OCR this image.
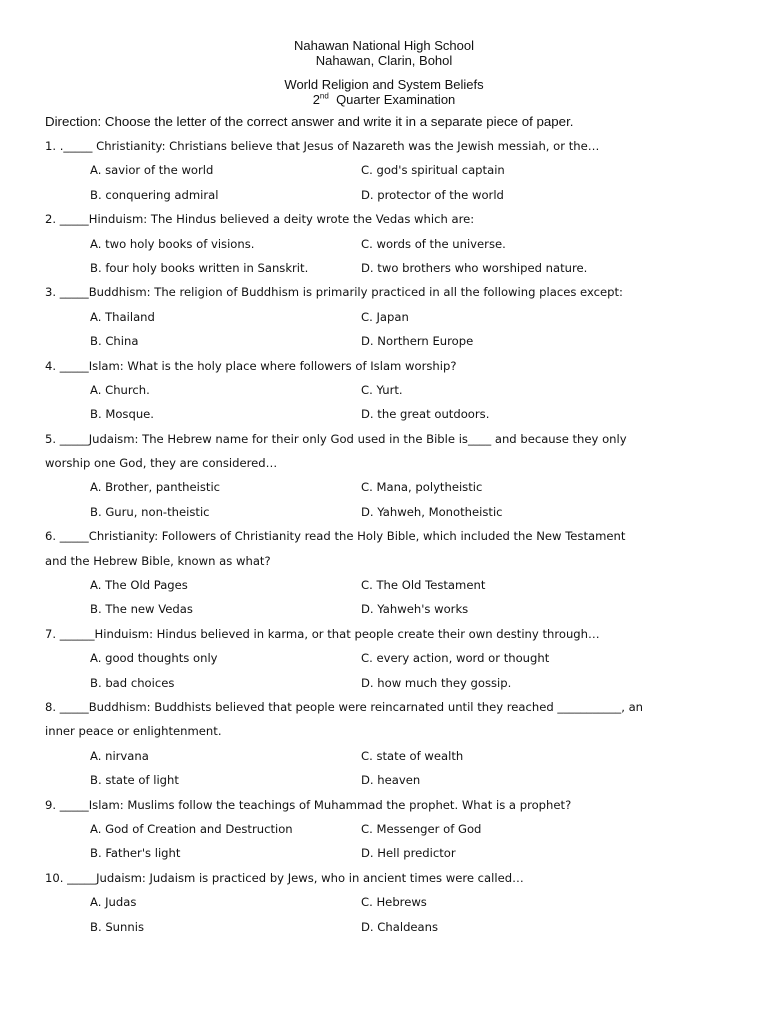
Nahawan National High School
Nahawan, Clarin, Bohol
World Religion and System Beliefs
2nd Quarter Examination
Direction: Choose the letter of the correct answer and write it in a separate piece of paper.
1. ._____ Christianity: Christians believe that Jesus of Nazareth was the Jewish messiah, or the…
A. savior of the world	C. god's spiritual captain
B. conquering admiral	D. protector of the world
2. _____Hinduism: The Hindus believed a deity wrote the Vedas which are:
A. two holy books of visions.	C. words of the universe.
B. four holy books written in Sanskrit.	D. two brothers who worshiped nature.
3. _____Buddhism: The religion of Buddhism is primarily practiced in all the following places except:
A. Thailand	C. Japan
B. China	D. Northern Europe
4. _____Islam: What is the holy place where followers of Islam worship?
A. Church.	C. Yurt.
B. Mosque.	D. the great outdoors.
5. _____Judaism: The Hebrew name for their only God used in the Bible is____ and because they only
worship one God, they are considered…
A. Brother, pantheistic	C. Mana, polytheistic
B. Guru, non-theistic	D. Yahweh, Monotheistic
6. _____Christianity: Followers of Christianity read the Holy Bible, which included the New Testament
and the Hebrew Bible, known as what?
A. The Old Pages	C. The Old Testament
B. The new Vedas	D. Yahweh's works
7. ______Hinduism: Hindus believed in karma, or that people create their own destiny through…
A. good thoughts only	C. every action, word or thought
B. bad choices	D. how much they gossip.
8. _____Buddhism: Buddhists believed that people were reincarnated until they reached ___________, an
inner peace or enlightenment.
A. nirvana	C. state of wealth
B. state of light	D. heaven
9. _____Islam: Muslims follow the teachings of Muhammad the prophet. What is a prophet?
A. God of Creation and Destruction	C. Messenger of God
B. Father's light	D. Hell predictor
10. _____Judaism: Judaism is practiced by Jews, who in ancient times were called…
A. Judas	C. Hebrews
B. Sunnis	D. Chaldeans
